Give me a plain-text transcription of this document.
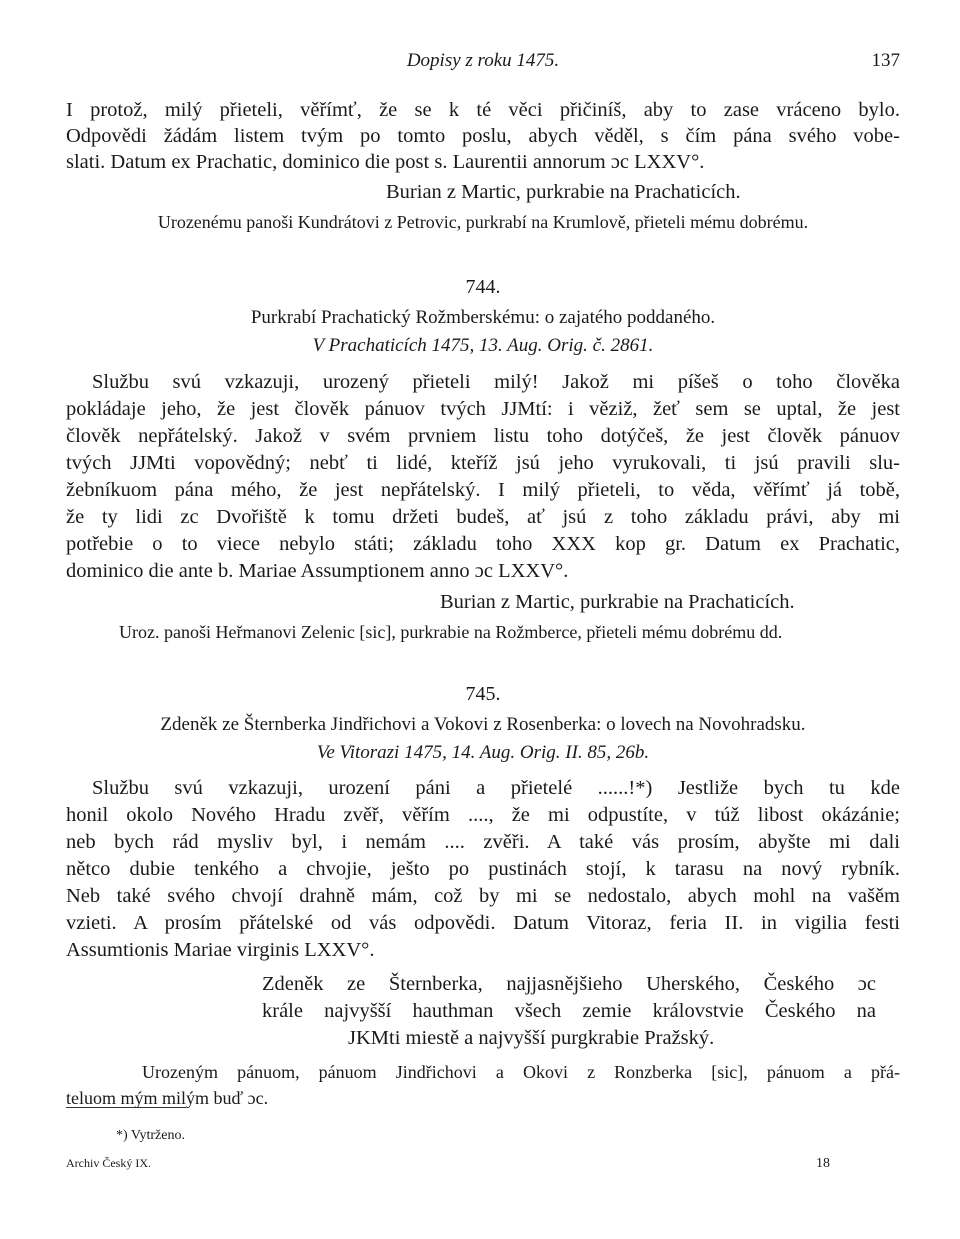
Dopisy z roku 1475.	137
I protož, milý přieteli, věřímť, že se k té věci přičiníš, aby to zase vráceno bylo.
Odpovědi žádám listem tvým po tomto poslu, abych věděl, s čím pána svého vobe-
slati. Datum ex Prachatic, dominico die post s. Laurentii annorum ɔc LXXV°.
Burian z Martic, purkrabie na Prachaticích.
Urozenému panoši Kundrátovi z Petrovic, purkrabí na Krumlově, přieteli mému dobrému.
744.
Purkrabí Prachatický Rožmberskému: o zajatého poddaného.
V Prachaticích 1475, 13. Aug. Orig. č. 2861.
Službu svú vzkazuji, urozený přieteli milý! Jakož mi píšeš o toho člověka
pokládaje jeho, že jest člověk pánuov tvých JJMtí: i věziž, žeť sem se uptal, že jest
člověk nepřátelský. Jakož v svém prvniem listu toho dotýčeš, že jest člověk pánuov
tvých JJMti vopovědný; nebť ti lidé, kteříž jsú jeho vyrukovali, ti jsú pravili slu-
žebníkuom pána mého, že jest nepřátelský. I milý přieteli, to věda, věřímť já tobě,
že ty lidi zc Dvořiště k tomu držeti budeš, ať jsú z toho základu právi, aby mi
potřebie o to viece nebylo státi; základu toho XXX kop gr. Datum ex Prachatic,
dominico die ante b. Mariae Assumptionem anno ɔc LXXV°.
Burian z Martic, purkrabie na Prachaticích.
Uroz. panoši Heřmanovi Zelenic [sic], purkrabie na Rožmberce, přieteli mému dobrému dd.
745.
Zdeněk ze Šternberka Jindřichovi a Vokovi z Rosenberka: o lovech na Novohradsku.
Ve Vitorazi 1475, 14. Aug. Orig. II. 85, 26b.
Službu svú vzkazuji, urození páni a přietelé ......!*) Jestliže bych tu kde
honil okolo Nového Hradu zvěř, věřím ...., že mi odpustíte, v túž libost okázánie;
neb bych rád mysliv byl, i nemám .... zvěři. A také vás prosím, abyšte mi dali
nětco dubie tenkého a chvojie, ješto po pustinách stojí, k tarasu na nový rybník.
Neb také svého chvojí drahně mám, což by mi se nedostalo, abych mohl na vašěm
vzieti. A prosím přátelské od vás odpovědi. Datum Vitoraz, feria II. in vigilia festi
Assumtionis Mariae virginis LXXV°.
Zdeněk ze Šternberka, najjasnějšieho Uherského, Českého ɔc
krále najvyšší hauthman všech zemie královstvie Českého na
JKMti miestě a najvyšší purgkrabie Pražský.
Urozeným pánuom, pánuom Jindřichovi a Okovi z Ronzberka [sic], pánuom a přá-
teluom mým milým buď ɔc.
*) Vytrženo.
Archiv Český IX.	18
